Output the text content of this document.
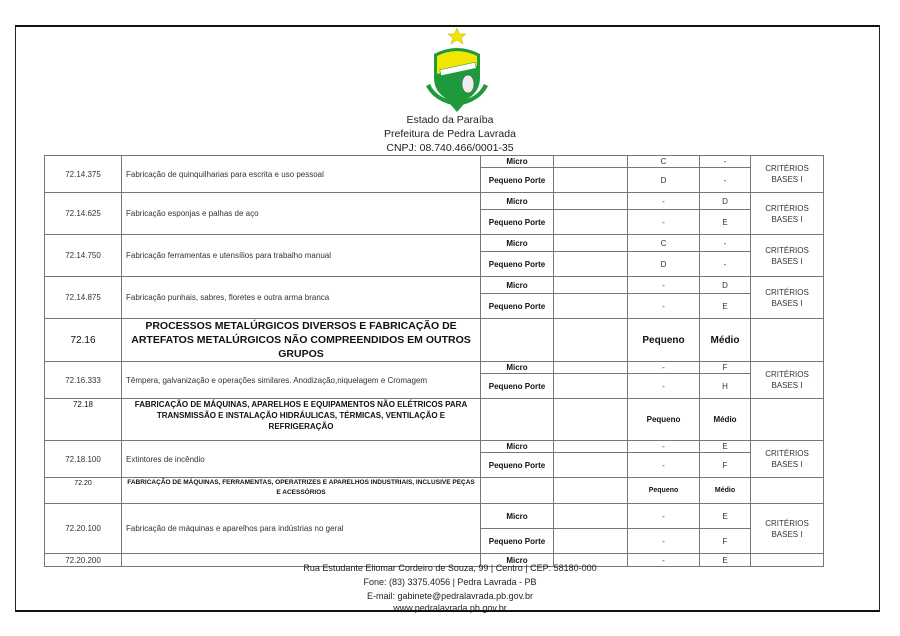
Estado da Paraíba
Prefeitura de Pedra Lavrada
CNPJ: 08.740.466/0001-35
72.14.375	Fabricação de quinquilharias para escrita e uso pessoal	Micro		C	-	CRITÉRIOS BASES I
		Pequeno Porte		D	-	
72.14.625	Fabricação esponjas e palhas de aço	Micro		-	D	CRITÉRIOS BASES I
		Pequeno Porte		-	E	
72.14.750	Fabricação ferramentas e utensílios para trabalho manual	Micro		C	-	CRITÉRIOS BASES I
		Pequeno Porte		D	-	
72.14.875	Fabricação punhais, sabres, floretes e outra arma branca	Micro		-	D	CRITÉRIOS BASES I
		Pequeno Porte		-	E	
72.16	PROCESSOS METALÚRGICOS DIVERSOS E FABRICAÇÃO DE ARTEFATOS METALÚRGICOS NÃO COMPREENDIDOS EM OUTROS GRUPOS			Pequeno	Médio	
72.16.333	Têmpera, galvanização e operações similares. Anodização,niquelagem e Cromagem	Micro		-	F	CRITÉRIOS BASES I
		Pequeno Porte		-	H	
72.18	FABRICAÇÃO DE MÁQUINAS, APARELHOS E EQUIPAMENTOS NÃO ELÉTRICOS PARA TRANSMISSÃO E INSTALAÇÃO HIDRÁULICAS, TÉRMICAS, VENTILAÇÃO E REFRIGERAÇÃO			Pequeno	Médio	
72.18.100	Extintores de incêndio	Micro		-	E	CRITÉRIOS BASES I
		Pequeno Porte		-	F	
72.20	FABRICAÇÃO DE MÁQUINAS, FERRAMENTAS, OPERATRIZES E APARELHOS INDUSTRIAIS, INCLUSIVE PEÇAS E ACESSÓRIOS			Pequeno	Médio	
72.20.100	Fabricação de máquinas e aparelhos para indústrias no geral	Micro		-	E	CRITÉRIOS BASES I
		Pequeno Porte		-	F	
72.20.200		Micro		-	E	
Rua Estudante Eliomar Cordeiro de Souza, 99 | Centro | CEP: 58180-000
Fone: (83) 3375.4056 | Pedra Lavrada - PB
E-mail: gabinete@pedralavrada.pb.gov.br
www.pedralavrada.pb.gov.br
